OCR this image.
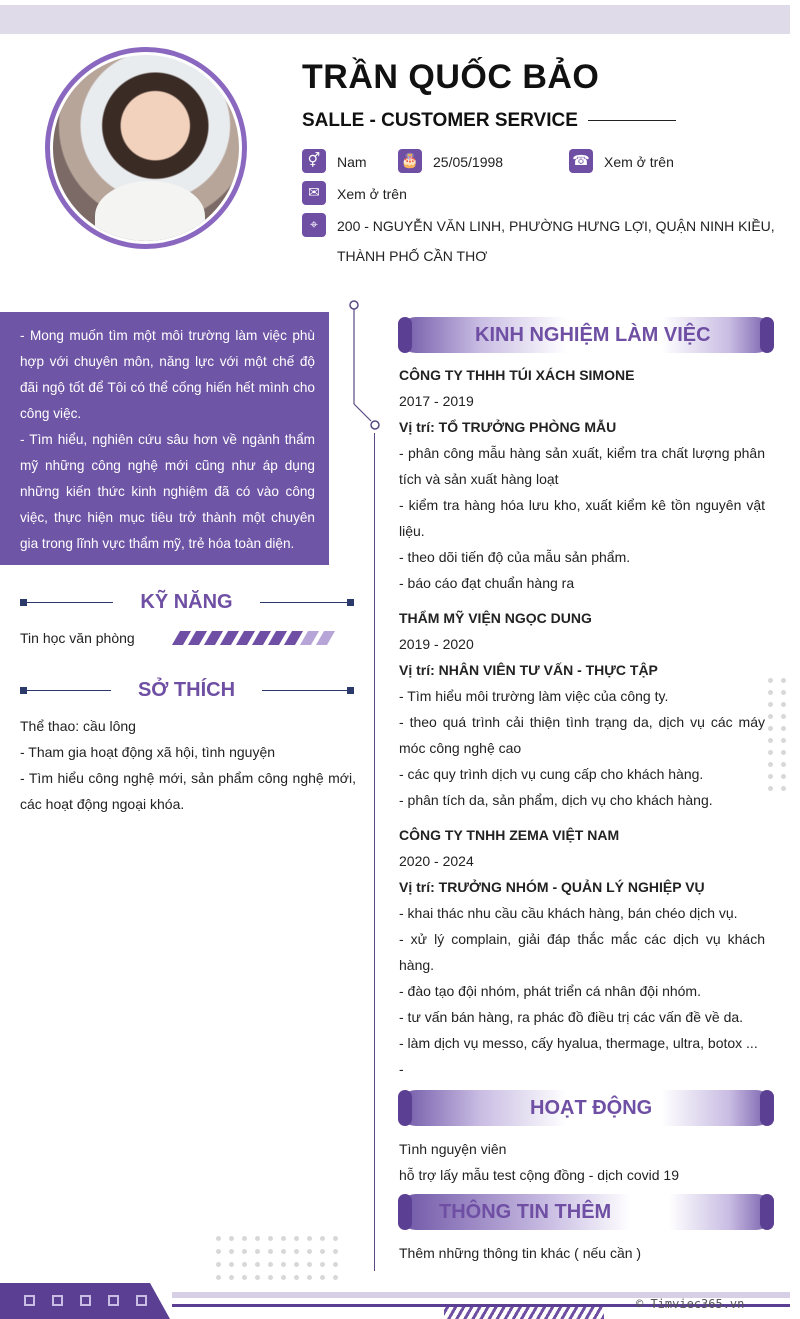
TRẦN QUỐC BẢO
SALLE - CUSTOMER SERVICE
⚥	Nam 🎂 25/05/1998	☎ Xem ở trên
✉	Xem ở trên
⌖	200 - NGUYỄN VĂN LINH, PHƯỜNG HƯNG LỢI, QUẬN NINH KIỀU,
THÀNH PHỐ CẦN THƠ

- Mong muốn tìm một môi trường làm việc phù hợp với chuyên môn, năng lực với một chế độ đãi ngộ tốt để Tôi có thể cống hiến hết mình cho công việc.

- Tìm hiểu, nghiên cứu sâu hơn về ngành thẩm mỹ những công nghệ mới cũng như áp dụng những kiến thức kinh nghiệm đã có vào công việc, thực hiện mục tiêu trở thành một chuyên gia trong lĩnh vực thẩm mỹ, trẻ hóa toàn diện.

KỸ NĂNG
Tin học văn phòng
SỞ THÍCH
Thể thao: cầu lông
- Tham gia hoạt động xã hội, tình nguyện
- Tìm hiểu công nghệ mới, sản phẩm công nghệ mới, các hoạt động ngoại khóa.
KINH NGHIỆM LÀM VIỆC
CÔNG TY THHH TÚI XÁCH SIMONE
2017 - 2019
Vị trí: TỔ TRƯỞNG PHÒNG MẪU
- phân công mẫu hàng sản xuất, kiểm tra chất lượng phân tích và sản xuất hàng loạt
- kiểm tra hàng hóa lưu kho, xuất kiểm kê tồn nguyên vật liệu.
- theo dõi tiến độ của mẫu sản phẩm.
- báo cáo đạt chuẩn hàng ra
THẨM MỸ VIỆN NGỌC DUNG
2019 - 2020
Vị trí: NHÂN VIÊN TƯ VẤN - THỰC TẬP
- Tìm hiểu môi trường làm việc của công ty.
- theo quá trình cải thiện tình trạng da, dịch vụ các máy móc công nghệ cao
- các quy trình dịch vụ cung cấp cho khách hàng.
- phân tích da, sản phẩm, dịch vụ cho khách hàng.
CÔNG TY TNHH ZEMA VIỆT NAM
2020 - 2024
Vị trí: TRƯỞNG NHÓM - QUẢN LÝ NGHIỆP VỤ
- khai thác nhu cầu cầu khách hàng, bán chéo dịch vụ.
- xử lý complain, giải đáp thắc mắc các dịch vụ khách hàng.
- đào tạo đội nhóm, phát triển cá nhân đội nhóm.
- tư vấn bán hàng, ra phác đồ điều trị các vấn đề về da.
- làm dịch vụ messo, cấy hyalua, thermage, ultra, botox ...
-
HOẠT ĐỘNG
Tình nguyện viên
hỗ trợ lấy mẫu test cộng đồng - dịch covid 19
THÔNG TIN THÊM
Thêm những thông tin khác ( nếu cần )
© Timviec365.vn
